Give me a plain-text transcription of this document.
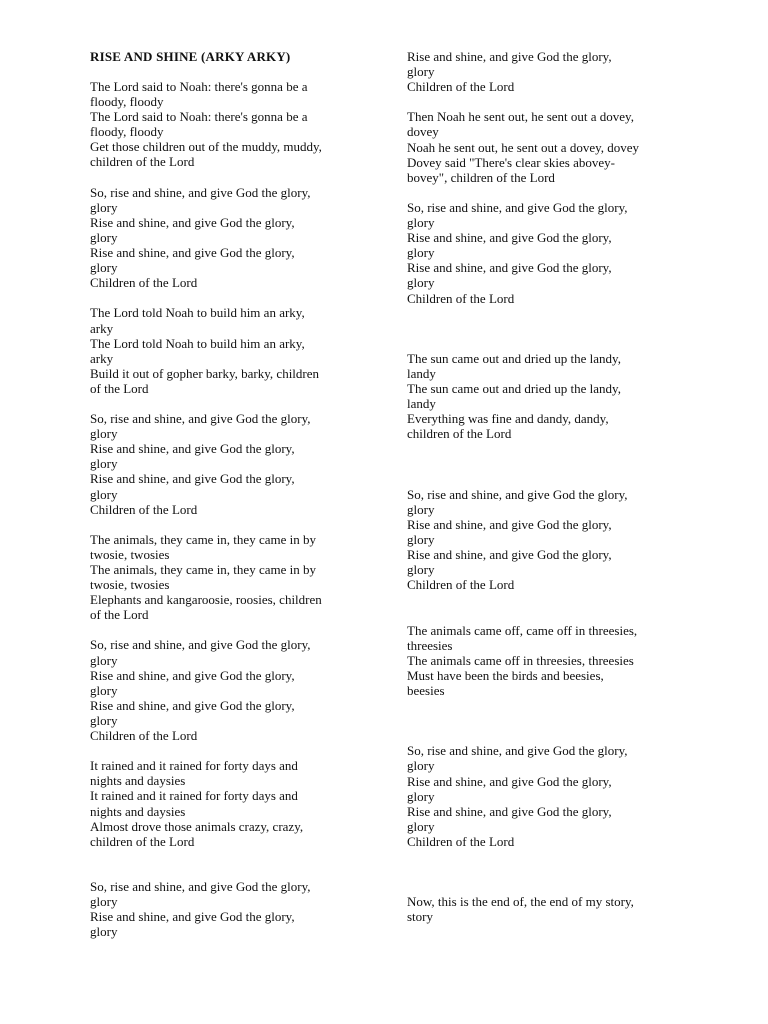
RISE AND SHINE (ARKY ARKY)

The Lord said to Noah: there's gonna be a

floody, floody

The Lord said to Noah: there's gonna be a

floody, floody

Get those children out of the muddy, muddy,

children of the Lord

So, rise and shine, and give God the glory,

glory

Rise and shine, and give God the glory,

glory

Rise and shine, and give God the glory,

glory

Children of the Lord

The Lord told Noah to build him an arky,

arky

The Lord told Noah to build him an arky,

arky

Build it out of gopher barky, barky, children

of the Lord

So, rise and shine, and give God the glory,

glory

Rise and shine, and give God the glory,

glory

Rise and shine, and give God the glory,

glory

Children of the Lord

The animals, they came in, they came in by

twosie, twosies

The animals, they came in, they came in by

twosie, twosies

Elephants and kangaroosie, roosies, children

of the Lord

So, rise and shine, and give God the glory,

glory

Rise and shine, and give God the glory,

glory

Rise and shine, and give God the glory,

glory

Children of the Lord

It rained and it rained for forty days and

nights and daysies

It rained and it rained for forty days and

nights and daysies

Almost drove those animals crazy, crazy,

children of the Lord

So, rise and shine, and give God the glory,

glory

Rise and shine, and give God the glory,

glory

Rise and shine, and give God the glory,

glory

Children of the Lord

Then Noah he sent out, he sent out a dovey,

dovey

Noah he sent out, he sent out a dovey, dovey

Dovey said "There's clear skies abovey-

bovey", children of the Lord

So, rise and shine, and give God the glory,

glory

Rise and shine, and give God the glory,

glory

Rise and shine, and give God the glory,

glory

Children of the Lord

The sun came out and dried up the landy,

landy

The sun came out and dried up the landy,

landy

Everything was fine and dandy, dandy,

children of the Lord

So, rise and shine, and give God the glory,

glory

Rise and shine, and give God the glory,

glory

Rise and shine, and give God the glory,

glory

Children of the Lord

The animals came off, came off in threesies,

threesies

The animals came off in threesies, threesies

Must have been the birds and beesies,

beesies

So, rise and shine, and give God the glory,

glory

Rise and shine, and give God the glory,

glory

Rise and shine, and give God the glory,

glory

Children of the Lord

Now, this is the end of, the end of my story,

story
